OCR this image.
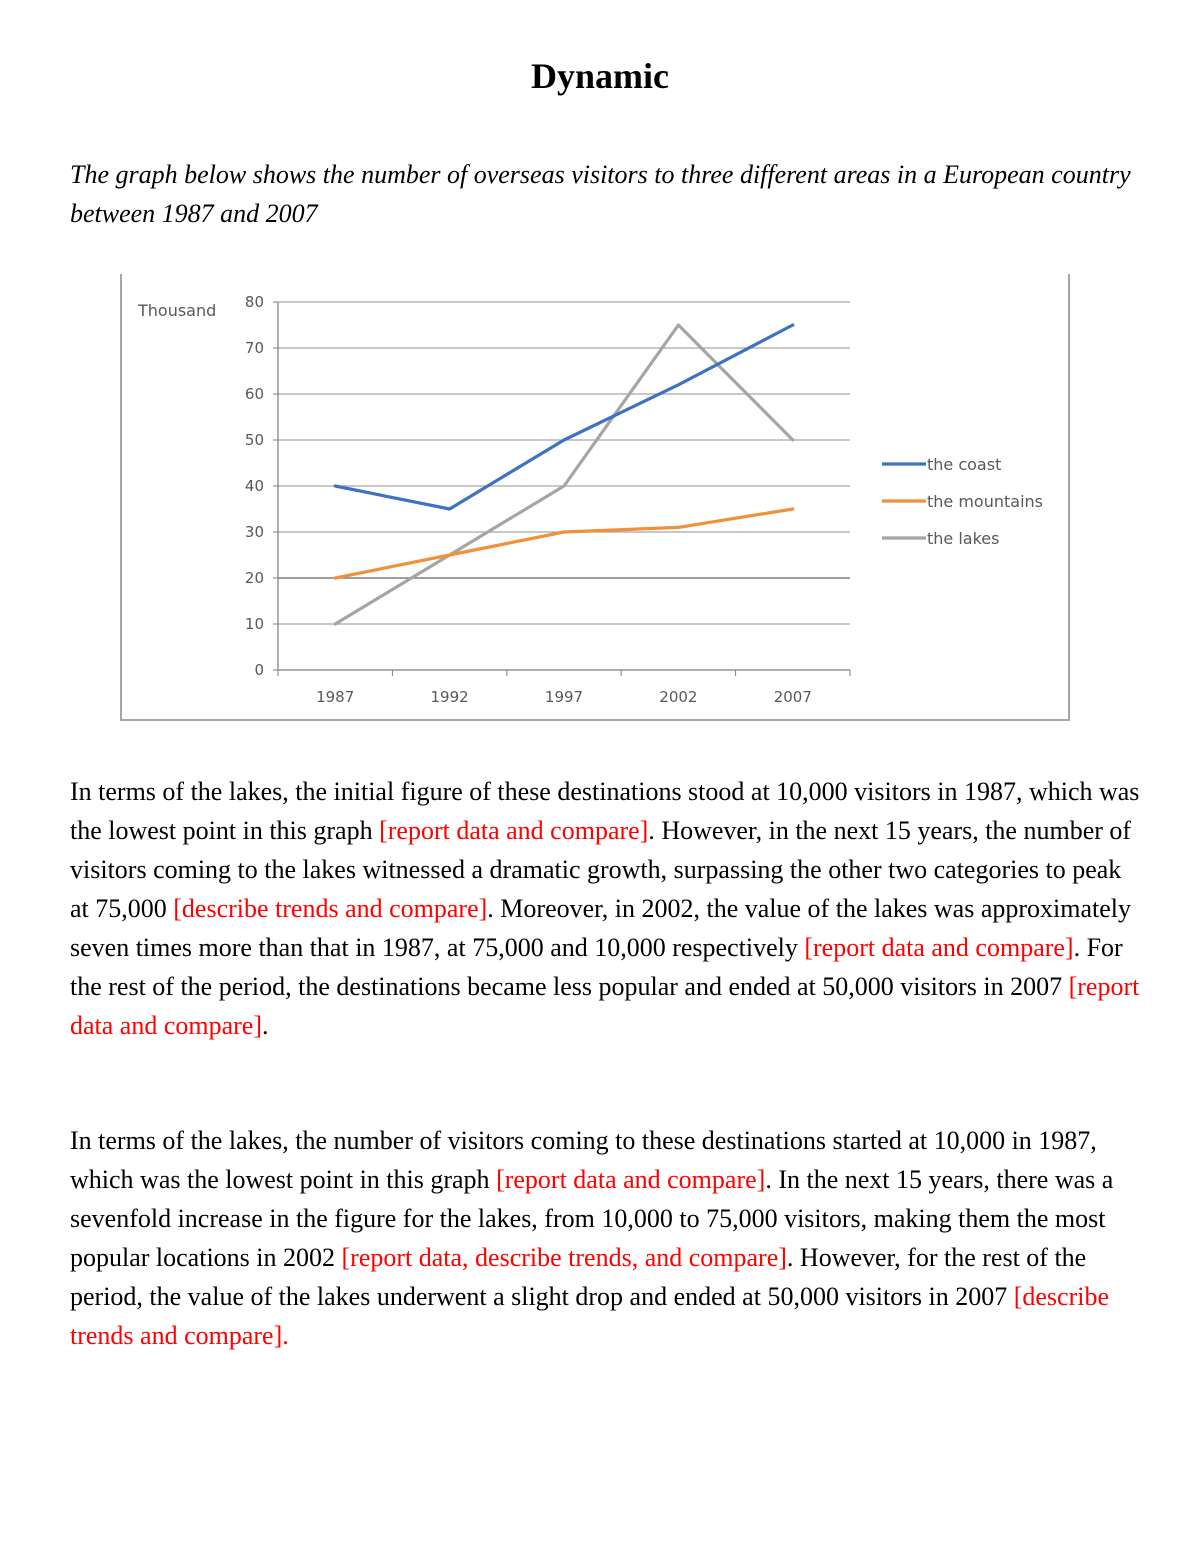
Dynamic
The graph below shows the number of overseas visitors to three different areas in a European country between 1987 and 2007
Thousand
0
10
20
30
40
50
60
70
80
1987	1992	1997	2002	2007
the coast
the mountains
the lakes
In terms of the lakes, the initial figure of these destinations stood at 10,000 visitors in 1987, which was the lowest point in this graph [report data and compare]. However, in the next 15 years, the number of visitors coming to the lakes witnessed a dramatic growth, surpassing the other two categories to peak at 75,000 [describe trends and compare]. Moreover, in 2002, the value of the lakes was approximately seven times more than that in 1987, at 75,000 and 10,000 respectively [report data and compare]. For the rest of the period, the destinations became less popular and ended at 50,000 visitors in 2007 [report data and compare].
In terms of the lakes, the number of visitors coming to these destinations started at 10,000 in 1987, which was the lowest point in this graph [report data and compare]. In the next 15 years, there was a sevenfold increase in the figure for the lakes, from 10,000 to 75,000 visitors, making them the most popular locations in 2002 [report data, describe trends, and compare]. However, for the rest of the period, the value of the lakes underwent a slight drop and ended at 50,000 visitors in 2007 [describe trends and compare].
